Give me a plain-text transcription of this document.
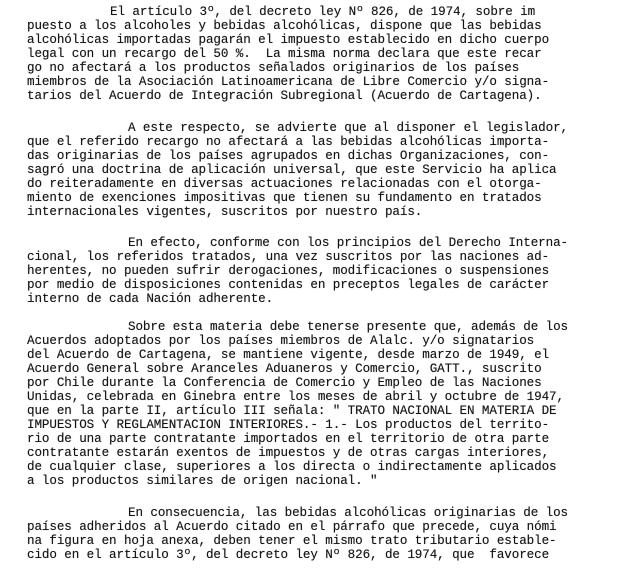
El artículo 3º, del decreto ley Nº 826, de 1974, sobre im
puesto a los alcoholes y bebidas alcohólicas, dispone que las bebidas
alcohólicas importadas pagarán el impuesto establecido en dicho cuerpo
legal con un recargo del 50 %.  La misma norma declara que este recar
go no afectará a los productos señalados originarios de los países
miembros de la Asociación Latinoamericana de Libre Comercio y/o signa-
tarios del Acuerdo de Integración Subregional (Acuerdo de Cartagena).
A este respecto, se advierte que al disponer el legislador,
que el referido recargo no afectará a las bebidas alcohólicas importa-
das originarias de los países agrupados en dichas Organizaciones, con-
sagró una doctrina de aplicación universal, que este Servicio ha aplica
do reiteradamente en diversas actuaciones relacionadas con el otorga-
miento de exenciones impositivas que tienen su fundamento en tratados
internacionales vigentes, suscritos por nuestro país.
En efecto, conforme con los principios del Derecho Interna-
cional, los referidos tratados, una vez suscritos por las naciones ad-
herentes, no pueden sufrir derogaciones, modificaciones o suspensiones
por medio de disposiciones contenidas en preceptos legales de carácter
interno de cada Nación adherente.
Sobre esta materia debe tenerse presente que, además de los
Acuerdos adoptados por los países miembros de Alalc. y/o signatarios
del Acuerdo de Cartagena, se mantiene vigente, desde marzo de 1949, el
Acuerdo General sobre Aranceles Aduaneros y Comercio, GATT., suscrito
por Chile durante la Conferencia de Comercio y Empleo de las Naciones
Unidas, celebrada en Ginebra entre los meses de abril y octubre de 1947,
que en la parte II, artículo III señala: " TRATO NACIONAL EN MATERIA DE
IMPUESTOS Y REGLAMENTACION INTERIORES.- 1.- Los productos del territo-
rio de una parte contratante importados en el territorio de otra parte
contratante estarán exentos de impuestos y de otras cargas interiores,
de cualquier clase, superiores a los directa o indirectamente aplicados
a los productos similares de origen nacional. "
En consecuencia, las bebidas alcohólicas originarias de los
países adheridos al Acuerdo citado en el párrafo que precede, cuya nómi
na figura en hoja anexa, deben tener el mismo trato tributario estable-
cido en el artículo 3º, del decreto ley Nº 826, de 1974, que  favorece
